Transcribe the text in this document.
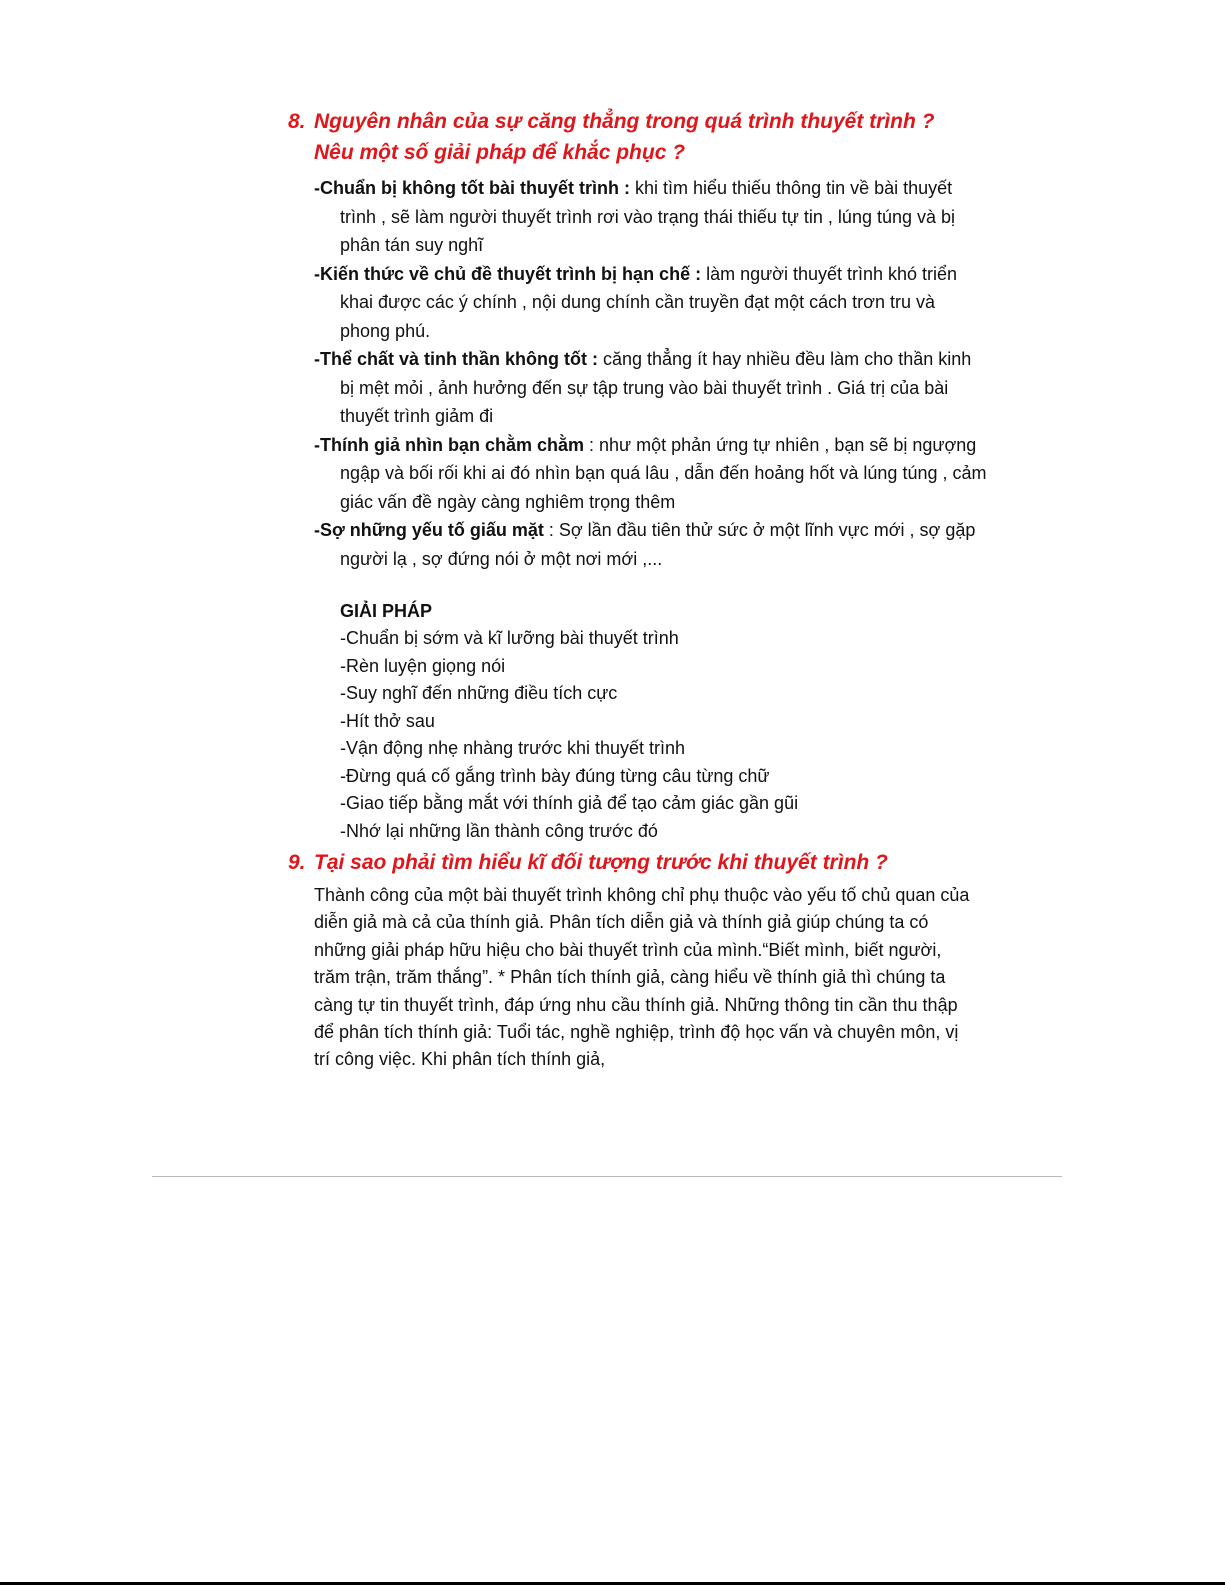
8. Nguyên nhân của sự căng thẳng trong quá trình thuyết trình ?
Nêu một số giải pháp để khắc phục ?
-Chuẩn bị không tốt bài thuyết trình : khi tìm hiểu thiếu thông tin về bài thuyết trình , sẽ làm người thuyết trình rơi vào trạng thái thiếu tự tin , lúng túng và bị phân tán suy nghĩ
-Kiến thức về chủ đề thuyết trình bị hạn chế : làm người thuyết trình khó triển khai được các ý chính , nội dung chính cần truyền đạt một cách trơn tru và phong phú.
-Thể chất và tinh thần không tốt : căng thẳng ít hay nhiều đều làm cho thần kinh bị mệt mỏi , ảnh hưởng đến sự tập trung vào bài thuyết trình . Giá trị của bài thuyết trình giảm đi
-Thính giả nhìn bạn chằm chằm : như một phản ứng tự nhiên , bạn sẽ bị ngượng ngập và bối rối khi ai đó nhìn bạn quá lâu , dẫn đến hoảng hốt và lúng túng , cảm giác vấn đề ngày càng nghiêm trọng thêm
-Sợ những yếu tố giấu mặt : Sợ lần đầu tiên thử sức ở một lĩnh vực mới , sợ gặp người lạ , sợ đứng nói ở một nơi mới ,...

GIẢI PHÁP

-Chuẩn bị sớm và kĩ lưỡng bài thuyết trình
-Rèn luyện giọng nói
-Suy nghĩ đến những điều tích cực
-Hít thở sau
-Vận động nhẹ nhàng trước khi thuyết trình
-Đừng quá cố gắng trình bày đúng từng câu từng chữ
-Giao tiếp bằng mắt với thính giả để tạo cảm giác gần gũi
-Nhớ lại những lần thành công trước đó
9. Tại sao phải tìm hiểu kĩ đối tượng trước khi thuyết trình ?

Thành công của một bài thuyết trình không chỉ phụ thuộc vào yếu tố chủ quan của diễn giả mà cả của thính giả. Phân tích diễn giả và thính giả giúp chúng ta có những giải pháp hữu hiệu cho bài thuyết trình của mình.“Biết mình, biết người, trăm trận, trăm thắng”. * Phân tích thính giả, càng hiểu về thính giả thì chúng ta càng tự tin thuyết trình, đáp ứng nhu cầu thính giả. Những thông tin cần thu thập để phân tích thính giả: Tuổi tác, nghề nghiệp, trình độ học vấn và chuyên môn, vị trí công việc. Khi phân tích thính giả,
